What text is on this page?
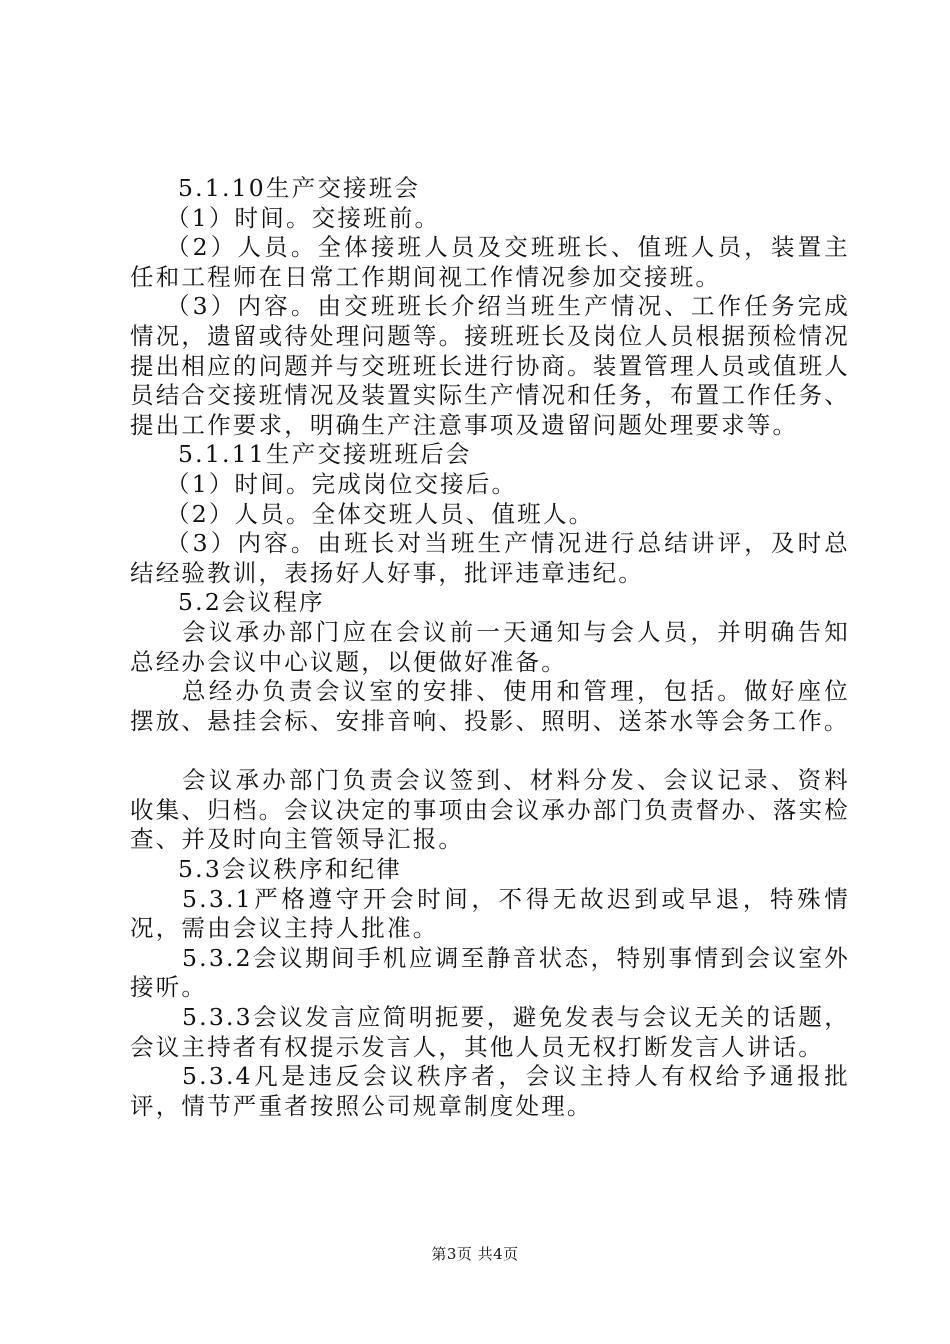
5.1.10生产交接班会

（1）时间。交接班前。

（2）人员。全体接班人员及交班班长、值班人员，装置主任和工程师在日常工作期间视工作情况参加交接班。

（3）内容。由交班班长介绍当班生产情况、工作任务完成情况，遗留或待处理问题等。接班班长及岗位人员根据预检情况提出相应的问题并与交班班长进行协商。装置管理人员或值班人员结合交接班情况及装置实际生产情况和任务，布置工作任务、提出工作要求，明确生产注意事项及遗留问题处理要求等。

5.1.11生产交接班班后会

（1）时间。完成岗位交接后。

（2）人员。全体交班人员、值班人。

（3）内容。由班长对当班生产情况进行总结讲评，及时总结经验教训，表扬好人好事，批评违章违纪。

5.2会议程序

会议承办部门应在会议前一天通知与会人员，并明确告知总经办会议中心议题，以便做好准备。

总经办负责会议室的安排、使用和管理，包括。做好座位摆放、悬挂会标、安排音响、投影、照明、送茶水等会务工作。

会议承办部门负责会议签到、材料分发、会议记录、资料收集、归档。会议决定的事项由会议承办部门负责督办、落实检查、并及时向主管领导汇报。

5.3会议秩序和纪律

5.3.1严格遵守开会时间，不得无故迟到或早退，特殊情况，需由会议主持人批准。

5.3.2会议期间手机应调至静音状态，特别事情到会议室外接听。

5.3.3会议发言应简明扼要，避免发表与会议无关的话题，会议主持者有权提示发言人，其他人员无权打断发言人讲话。

5.3.4凡是违反会议秩序者，会议主持人有权给予通报批评，情节严重者按照公司规章制度处理。

第3页 共4页
